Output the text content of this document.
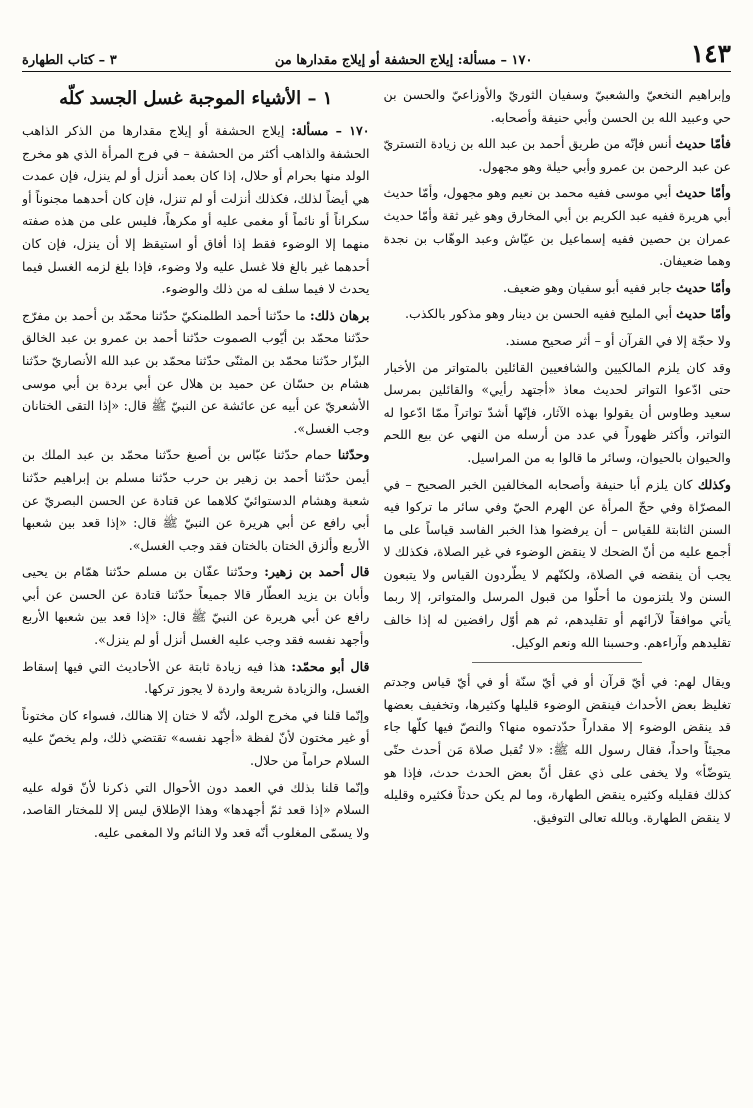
١٤٣
١٧٠ – مسألة: إيلاج الحشفة أو إيلاج مقدارها من
٣ – كتاب الطهارة

وإبراهيم النخعيّ والشعبيّ وسفيان الثوريّ والأوزاعيّ والحسن بن حي وعبيد الله بن الحسن وأبي حنيفة وأصحابه.

فأمّا حديث أنس فإنّه من طريق أحمد بن عبد الله بن زيادة التستريّ عن عبد الرحمن بن عمرو وأبي حيلة وهو مجهول.

وأمّا حديث أبي موسى ففيه محمد بن نعيم وهو مجهول، وأمّا حديث أبي هريرة ففيه عبد الكريم بن أبي المخارق وهو غير ثقة وأمّا حديث عمران بن حصين ففيه إسماعيل بن عيّاش وعبد الوهّاب بن نجدة وهما ضعيفان.

وأمّا حديث جابر ففيه أبو سفيان وهو ضعيف.

وأمّا حديث أبي المليح ففيه الحسن بن دينار وهو مذكور بالكذب.

ولا حجّة إلا في القرآن أو – أثر صحيح مسند.

وقد كان يلزم المالكيين والشافعيين القائلين بالمتواتر من الأخبار حتى ادّعوا التواتر لحديث معاذ «أجتهد رأيي» والقائلين بمرسل سعيد وطاوس أن يقولوا بهذه الآثار، فإنّها أشدّ تواتراً ممّا ادّعوا له التواتر، وأكثر ظهوراً في عدد من أرسله من النهي عن بيع اللحم والحيوان بالحيوان، وسائر ما قالوا به من المراسيل.

وكذلك كان يلزم أبا حنيفة وأصحابه المخالفين الخبر الصحيح – في المصرّاة وفي حجّ المرأة عن الهرم الحيّ وفي سائر ما تركوا فيه السنن الثابتة للقياس – أن يرفضوا هذا الخبر الفاسد قياساً على ما أجمع عليه من أنّ الضحك لا ينقض الوضوء في غير الصلاة، فكذلك لا يجب أن ينقضه في الصلاة، ولكنّهم لا يطّردون القياس ولا يتبعون السنن ولا يلتزمون ما أحلّوا من قبول المرسل والمتواتر، إلا ربما يأتي موافقاً لآرائهم أو تقليدهم، ثم هم أوّل رافضين له إذا خالف تقليدهم وآراءهم. وحسبنا الله ونعم الوكيل.

ويقال لهم: في أيّ قرآن أو في أيّ سنّة أو في أيّ قياس وجدتم تغليظ بعض الأحداث فينقض الوضوء قليلها وكثيرها، وتخفيف بعضها قد ينقض الوضوء إلا مقداراً حدّدتموه منها؟ والنصّ فيها كلّها جاء مجيئاً واحداً، فقال رسول الله ﷺ: «لا تُقبل صلاة مَن أحدث حتّى يتوضّأ» ولا يخفى على ذي عقل أنّ بعض الحدث حدث، فإذا هو كذلك فقليله وكثيره ينقض الطهارة، وما لم يكن حدثاً فكثيره وقليله لا ينقض الطهارة. وبالله تعالى التوفيق.

١ – الأشياء الموجبة غسل الجسد كلّه

١٧٠ – مسألة: إيلاج الحشفة أو إيلاج مقدارها من الذكر الذاهب الحشفة والذاهب أكثر من الحشفة – في فرج المرأة الذي هو مخرج الولد منها بحرام أو حلال، إذا كان بعمد أنزل أو لم ينزل، فإن عمدت هي أيضاً لذلك، فكذلك أنزلت أو لم تنزل، فإن كان أحدهما مجنوناً أو سكراناً أو نائماً أو مغمى عليه أو مكرهاً، فليس على من هذه صفته منهما إلا الوضوء فقط إذا أفاق أو استيقظ إلا أن ينزل، فإن كان أحدهما غير بالغ فلا غسل عليه ولا وضوء، فإذا بلغ لزمه الغسل فيما يحدث لا فيما سلف له من ذلك والوضوء.

برهان ذلك: ما حدّثنا أحمد الطلمنكيّ حدّثنا محمّد بن أحمد بن مفرّج حدّثنا محمّد بن أيّوب الصموت حدّثنا أحمد بن عمرو بن عبد الخالق البزّار حدّثنا محمّد بن المثنّى حدّثنا محمّد بن عبد الله الأنصاريّ حدّثنا هشام بن حسّان عن حميد بن هلال عن أبي بردة بن أبي موسى الأشعريّ عن أبيه عن عائشة عن النبيّ ﷺ قال: «إذا التقى الختانان وجب الغسل».

وحدّثنا حمام حدّثنا عبّاس بن أصبغ حدّثنا محمّد بن عبد الملك بن أيمن حدّثنا أحمد بن زهير بن حرب حدّثنا مسلم بن إبراهيم حدّثنا شعبة وهشام الدستوائيّ كلاهما عن قتادة عن الحسن البصريّ عن أبي رافع عن أبي هريرة عن النبيّ ﷺ قال: «إذا قعد بين شعبها الأربع وألزق الختان بالختان فقد وجب الغسل».

قال أحمد بن زهير: وحدّثنا عفّان بن مسلم حدّثنا همّام بن يحيى وأبان بن يزيد العطّار قالا جميعاً حدّثنا قتادة عن الحسن عن أبي رافع عن أبي هريرة عن النبيّ ﷺ قال: «إذا قعد بين شعبها الأربع وأجهد نفسه فقد وجب عليه الغسل أنزل أو لم ينزل».

قال أبو محمّد: هذا فيه زيادة ثابتة عن الأحاديث التي فيها إسقاط الغسل، والزيادة شريعة واردة لا يجوز تركها.

وإنّما قلنا في مخرج الولد، لأنّه لا ختان إلا هنالك، فسواء كان مختوناً أو غير مختون لأنّ لفظة «أجهد نفسه» تقتضي ذلك، ولم يخصّ عليه السلام حراماً من حلال.

وإنّما قلنا بذلك في العمد دون الأحوال التي ذكرنا لأنّ قوله عليه السلام «إذا قعد ثمّ أجهدها» وهذا الإطلاق ليس إلا للمختار القاصد، ولا يسمّى المغلوب أنّه قعد ولا النائم ولا المغمى عليه.
